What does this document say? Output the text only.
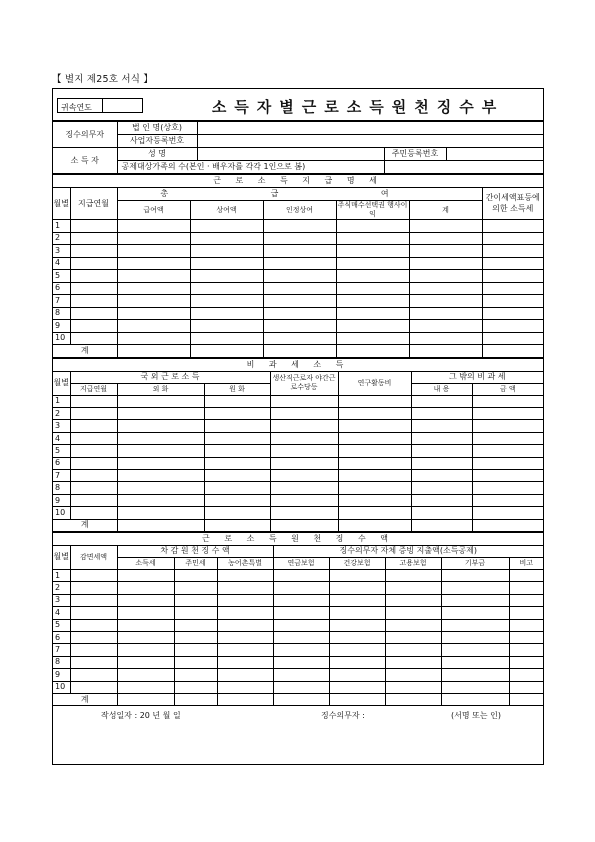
【 별지 제25호 서식 】
귀속연도	소득자별근로소득원천징수부
징수의무자	법 인 명(상호)			
	사업자등록번호			
소 득 자	성 명		주민등록번호	
	공제대상가족의 수(본인 · 배우자를 각각 1인으로 봄)			
근 로 소 득 지 급 명 세							
월별	지급연월	총 급 여					간이세액표등에 의한 소득세
		급여액	상여액	인정상여	주식매수선택권 행사이익	계	
1							
2							
3							
4							
5							
6							
7							
8							
9							
10							
계							
비 과 세 소 득							
월별	국 외 근 로 소 득			생산직근로자 야간근로수당등	연구활동비	그 밖의 비 과 세	
	지급연월	외 화	원 화			내 용	금 액
1							
2							
3							
4							
5							
6							
7							
8							
9							
10							
계							
근 로 소 득 원 천 징 수 액									
월별	감면세액	차 감 원 천 징 수 액			징수의무자 자체 증빙 지출액(소득공제)				
		소득세	주민세	농어촌특별	연금보험	건강보험	고용보험	기부금	비고
1									
2									
3									
4									
5									
6									
7									
8									
9									
10									
계									
작성일자 : 20 년 월 일	징수의무자 :	(서명 또는 인)
